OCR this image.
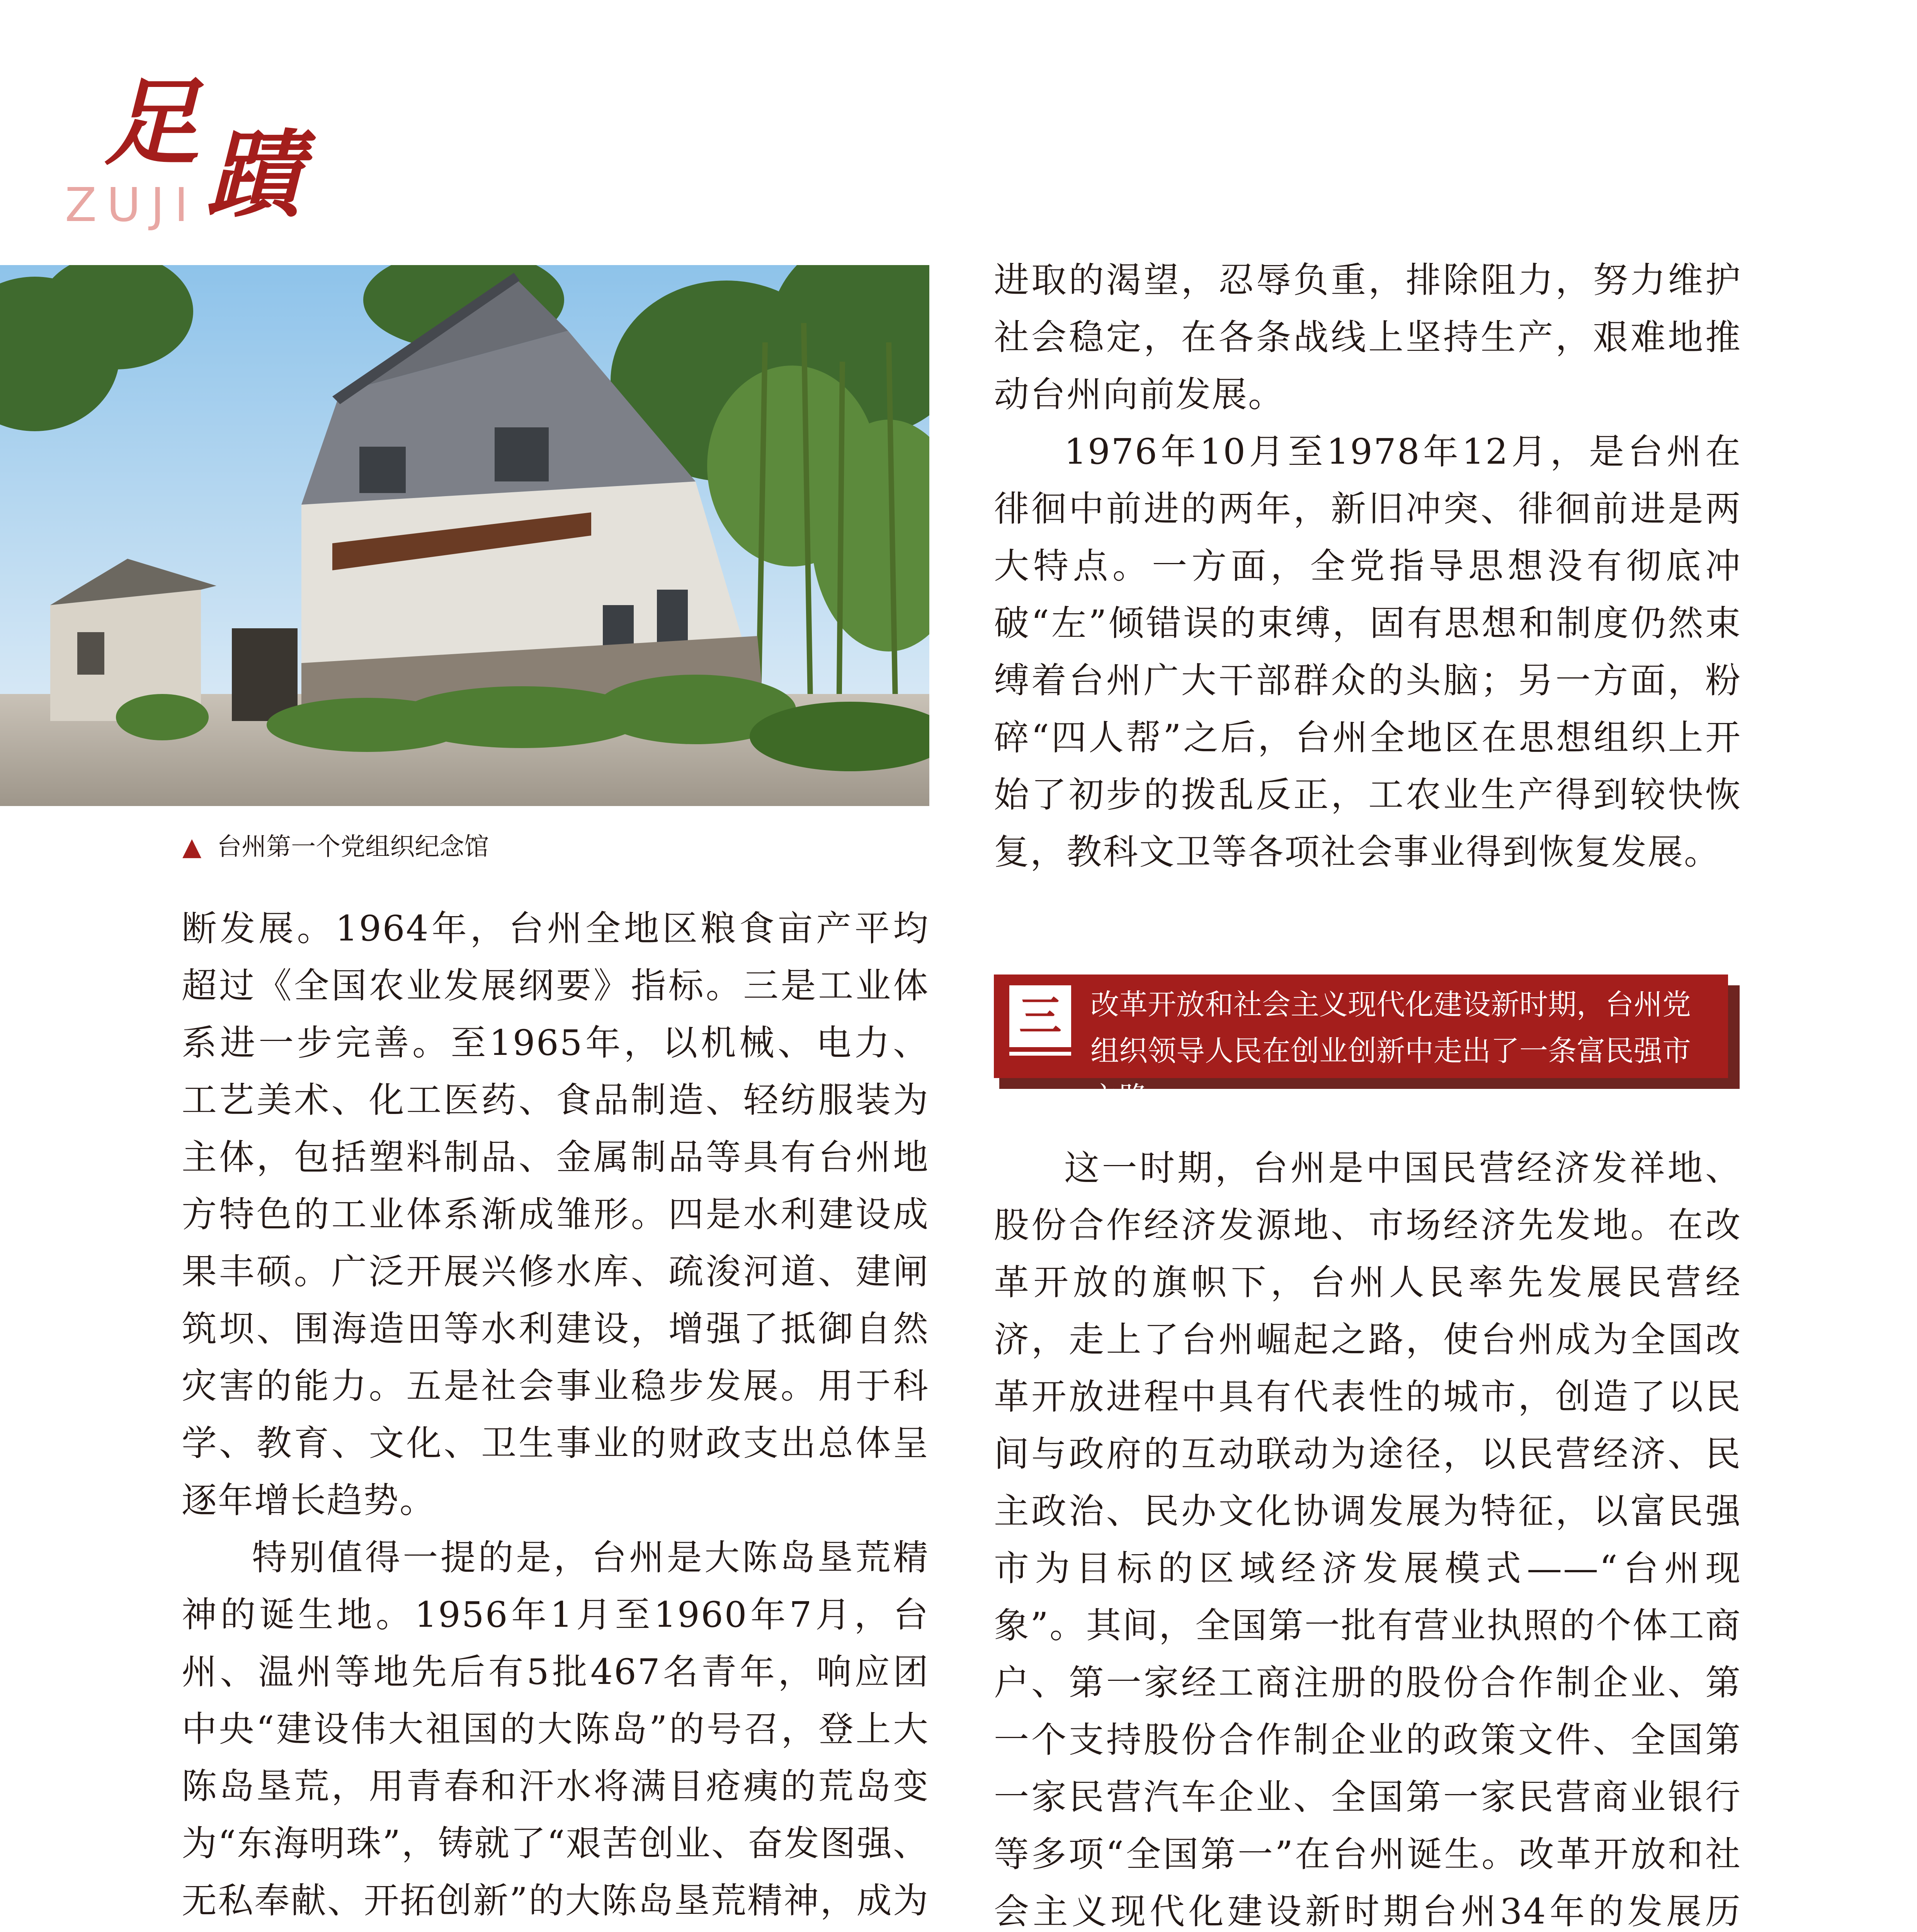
足 蹟
ZUJI
▲ 台州第一个党组织纪念馆

断发展。1964年，台州全地区粮食亩产平均超过《全国农业发展纲要》指标。三是工业体系进一步完善。至1965年，以机械、电力、工艺美术、化工医药、食品制造、轻纺服装为主体，包括塑料制品、金属制品等具有台州地方特色的工业体系渐成雏形。四是水利建设成果丰硕。广泛开展兴修水库、疏浚河道、建闸筑坝、围海造田等水利建设，增强了抵御自然灾害的能力。五是社会事业稳步发展。用于科学、教育、文化、卫生事业的财政支出总体呈逐年增长趋势。

特别值得一提的是，台州是大陈岛垦荒精神的诞生地。1956年1月至1960年7月，台州、温州等地先后有5批467名青年，响应团中央“建设伟大祖国的大陈岛”的号召，登上大陈岛垦荒，用青春和汗水将满目疮痍的荒岛变为“东海明珠”，铸就了“艰苦创业、奋发图强、无私奉献、开拓创新”的大陈岛垦荒精神，成为

进取的渴望，忍辱负重，排除阻力，努力维护社会稳定，在各条战线上坚持生产，艰难地推动台州向前发展。

1976年10月至1978年12月，是台州在徘徊中前进的两年，新旧冲突、徘徊前进是两大特点。一方面，全党指导思想没有彻底冲破“左”倾错误的束缚，固有思想和制度仍然束缚着台州广大干部群众的头脑；另一方面，粉碎“四人帮”之后，台州全地区在思想组织上开始了初步的拨乱反正，工农业生产得到较快恢复，教科文卫等各项社会事业得到恢复发展。

三	改革开放和社会主义现代化建设新时期，台州党组织领导人民在创业创新中走出了一条富民强市之路

这一时期，台州是中国民营经济发祥地、股份合作经济发源地、市场经济先发地。在改革开放的旗帜下，台州人民率先发展民营经济，走上了台州崛起之路，使台州成为全国改革开放进程中具有代表性的城市，创造了以民间与政府的互动联动为途径，以民营经济、民主政治、民办文化协调发展为特征，以富民强市为目标的区域经济发展模式——“台州现象”。其间，全国第一批有营业执照的个体工商户、第一家经工商注册的股份合作制企业、第一个支持股份合作制企业的政策文件、全国第一家民营汽车企业、全国第一家民营商业银行等多项“全国第一”在台州诞生。改革开放和社会主义现代化建设新时期台州34年的发展历
